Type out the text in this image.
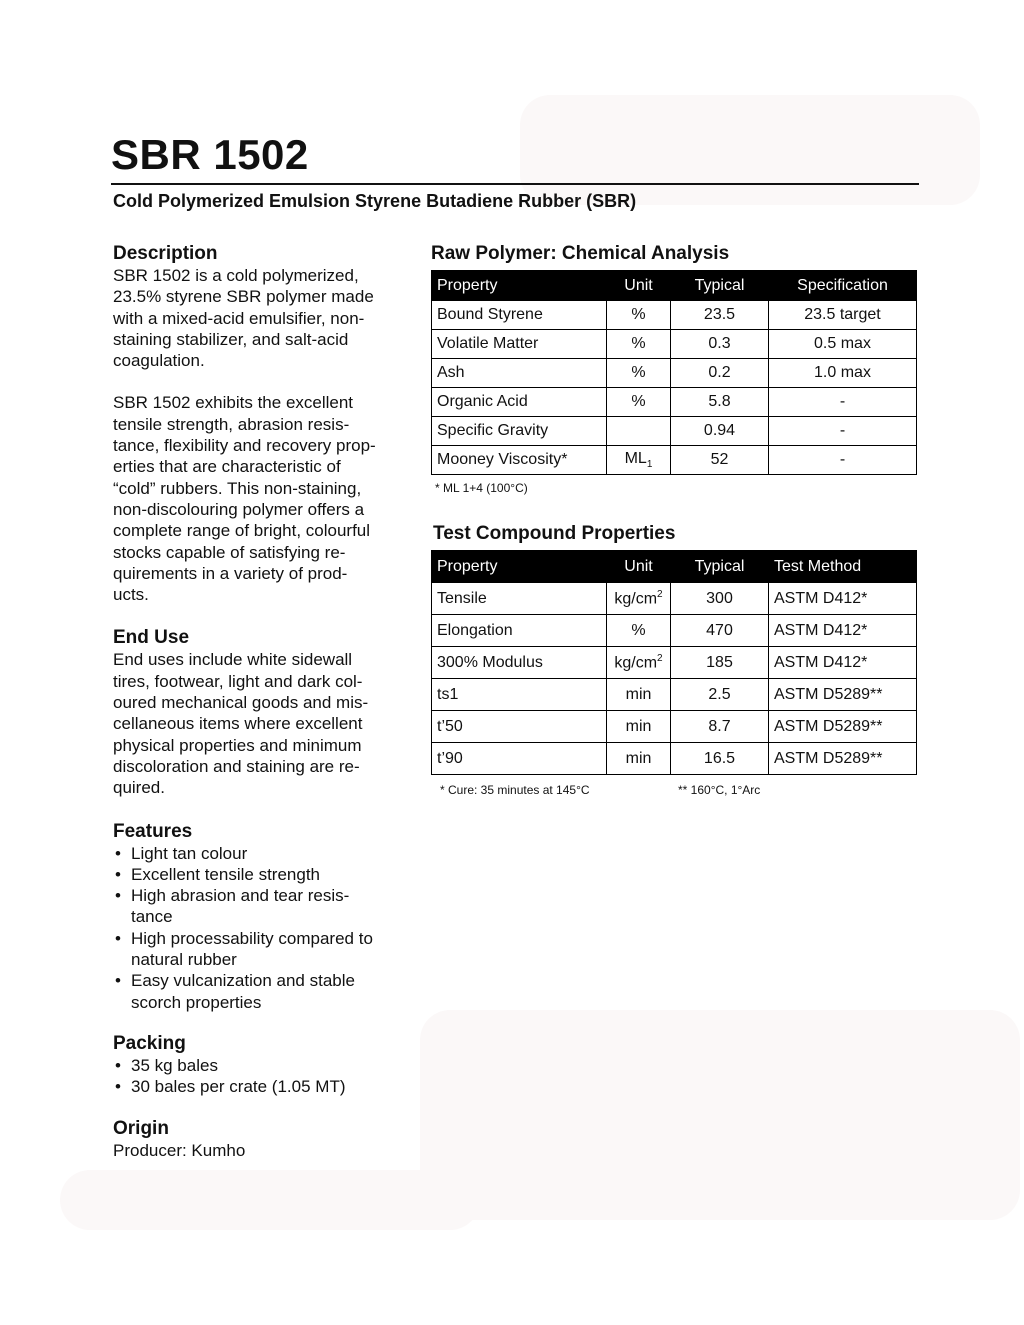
SBR 1502
Cold Polymerized Emulsion Styrene Butadiene Rubber (SBR)
Description
SBR 1502 is a cold polymerized,
23.5% styrene SBR polymer made
with a mixed-acid emulsifier, non-
staining stabilizer, and salt-acid
coagulation.
SBR 1502 exhibits the excellent
tensile strength, abrasion resis-
tance, flexibility and recovery prop-
erties that are characteristic of
“cold” rubbers. This non-staining,
non-discolouring polymer offers a
complete range of bright, colourful
stocks capable of satisfying re-
quirements in a variety of prod-
ucts.
End Use
End uses include white sidewall
tires, footwear, light and dark col-
oured mechanical goods and mis-
cellaneous items where excellent
physical properties and minimum
discoloration and staining are re-
quired.
Features
• Light tan colour
• Excellent tensile strength
• High abrasion and tear resis-
tance
• High processability compared to
natural rubber
• Easy vulcanization and stable
scorch properties
Packing
• 35 kg bales
• 30 bales per crate (1.05 MT)
Origin
Producer: Kumho
Raw Polymer: Chemical Analysis
Property	Unit	Typical	Specification
Bound Styrene	%	23.5	23.5 target
Volatile Matter	%	0.3	0.5 max
Ash	%	0.2	1.0 max
Organic Acid	%	5.8	-
Specific Gravity		0.94	-
Mooney Viscosity*	$ML_1$	52	-
* ML 1+4 (100°C)
Test Compound Properties
Property	Unit	Typical	Test Method
Tensile	$kg/cm^2$	300	ASTM D412*
Elongation	%	470	ASTM D412*
300% Modulus	$kg/cm^2$	185	ASTM D412*
ts1	min	2.5	ASTM D5289**
t’50	min	8.7	ASTM D5289**
t’90	min	16.5	ASTM D5289**
* Cure: 35 minutes at 145°C	** 160°C, 1°Arc
